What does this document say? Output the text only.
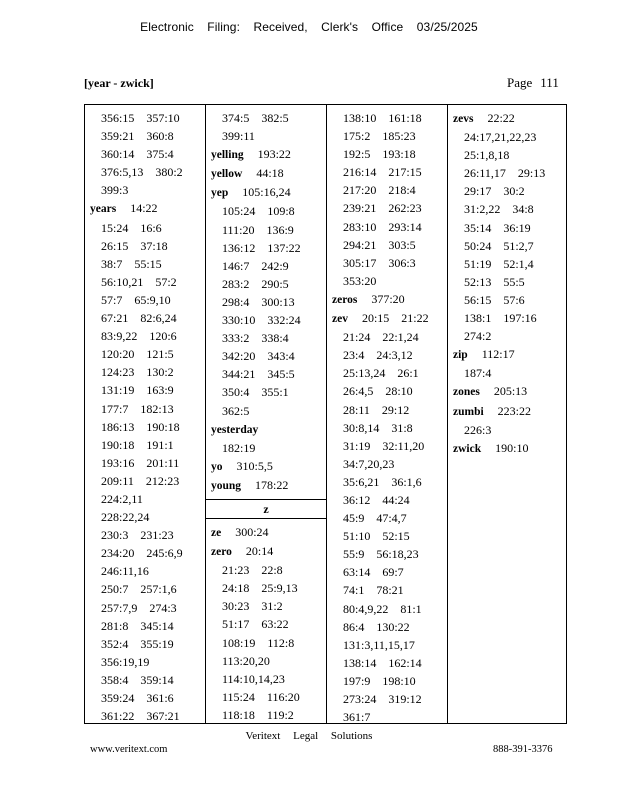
Electronic Filing: Received, Clerk's Office 03/25/2025
[year - zwick]	Page 111
356:15    357:10
359:21    360:8
360:14    375:4
376:5,13    380:2
399:3
years 14:22
15:24    16:6
26:15    37:18
38:7    55:15
56:10,21    57:2
57:7    65:9,10
67:21    82:6,24
83:9,22    120:6
120:20    121:5
124:23    130:2
131:19    163:9
177:7    182:13
186:13    190:18
190:18    191:1
193:16    201:11
209:11    212:23
224:2,11
228:22,24
230:3    231:23
234:20    245:6,9
246:11,16
250:7    257:1,6
257:7,9    274:3
281:8    345:14
352:4    355:19
356:19,19
358:4    359:14
359:24    361:6
361:22    367:21
374:5    382:5
399:11
yelling 193:22
yellow 44:18
yep 105:16,24
105:24    109:8
111:20    136:9
136:12    137:22
146:7    242:9
283:2    290:5
298:4    300:13
330:10    332:24
333:2    338:4
342:20    343:4
344:21    345:5
350:4    355:1
362:5
yesterday
182:19
yo 310:5,5
young 178:22
z
ze 300:24
zero 20:14
21:23    22:8
24:18    25:9,13
30:23    31:2
51:17    63:22
108:19    112:8
113:20,20
114:10,14,23
115:24    116:20
118:18    119:2
138:10    161:18
175:2    185:23
192:5    193:18
216:14    217:15
217:20    218:4
239:21    262:23
283:10    293:14
294:21    303:5
305:17    306:3
353:20
zeros 377:20
zev 20:15    21:22
21:24    22:1,24
23:4    24:3,12
25:13,24    26:1
26:4,5    28:10
28:11    29:12
30:8,14    31:8
31:19    32:11,20
34:7,20,23
35:6,21    36:1,6
36:12    44:24
45:9    47:4,7
51:10    52:15
55:9    56:18,23
63:14    69:7
74:1    78:21
80:4,9,22    81:1
86:4    130:22
131:3,11,15,17
138:14    162:14
197:9    198:10
273:24    319:12
361:7
zevs 22:22
24:17,21,22,23
25:1,8,18
26:11,17    29:13
29:17    30:2
31:2,22    34:8
35:14    36:19
50:24    51:2,7
51:19    52:1,4
52:13    55:5
56:15    57:6
138:1    197:16
274:2
zip 112:17
187:4
zones 205:13
zumbi 223:22
226:3
zwick 190:10
Veritext Legal Solutions
www.veritext.com	888-391-3376
